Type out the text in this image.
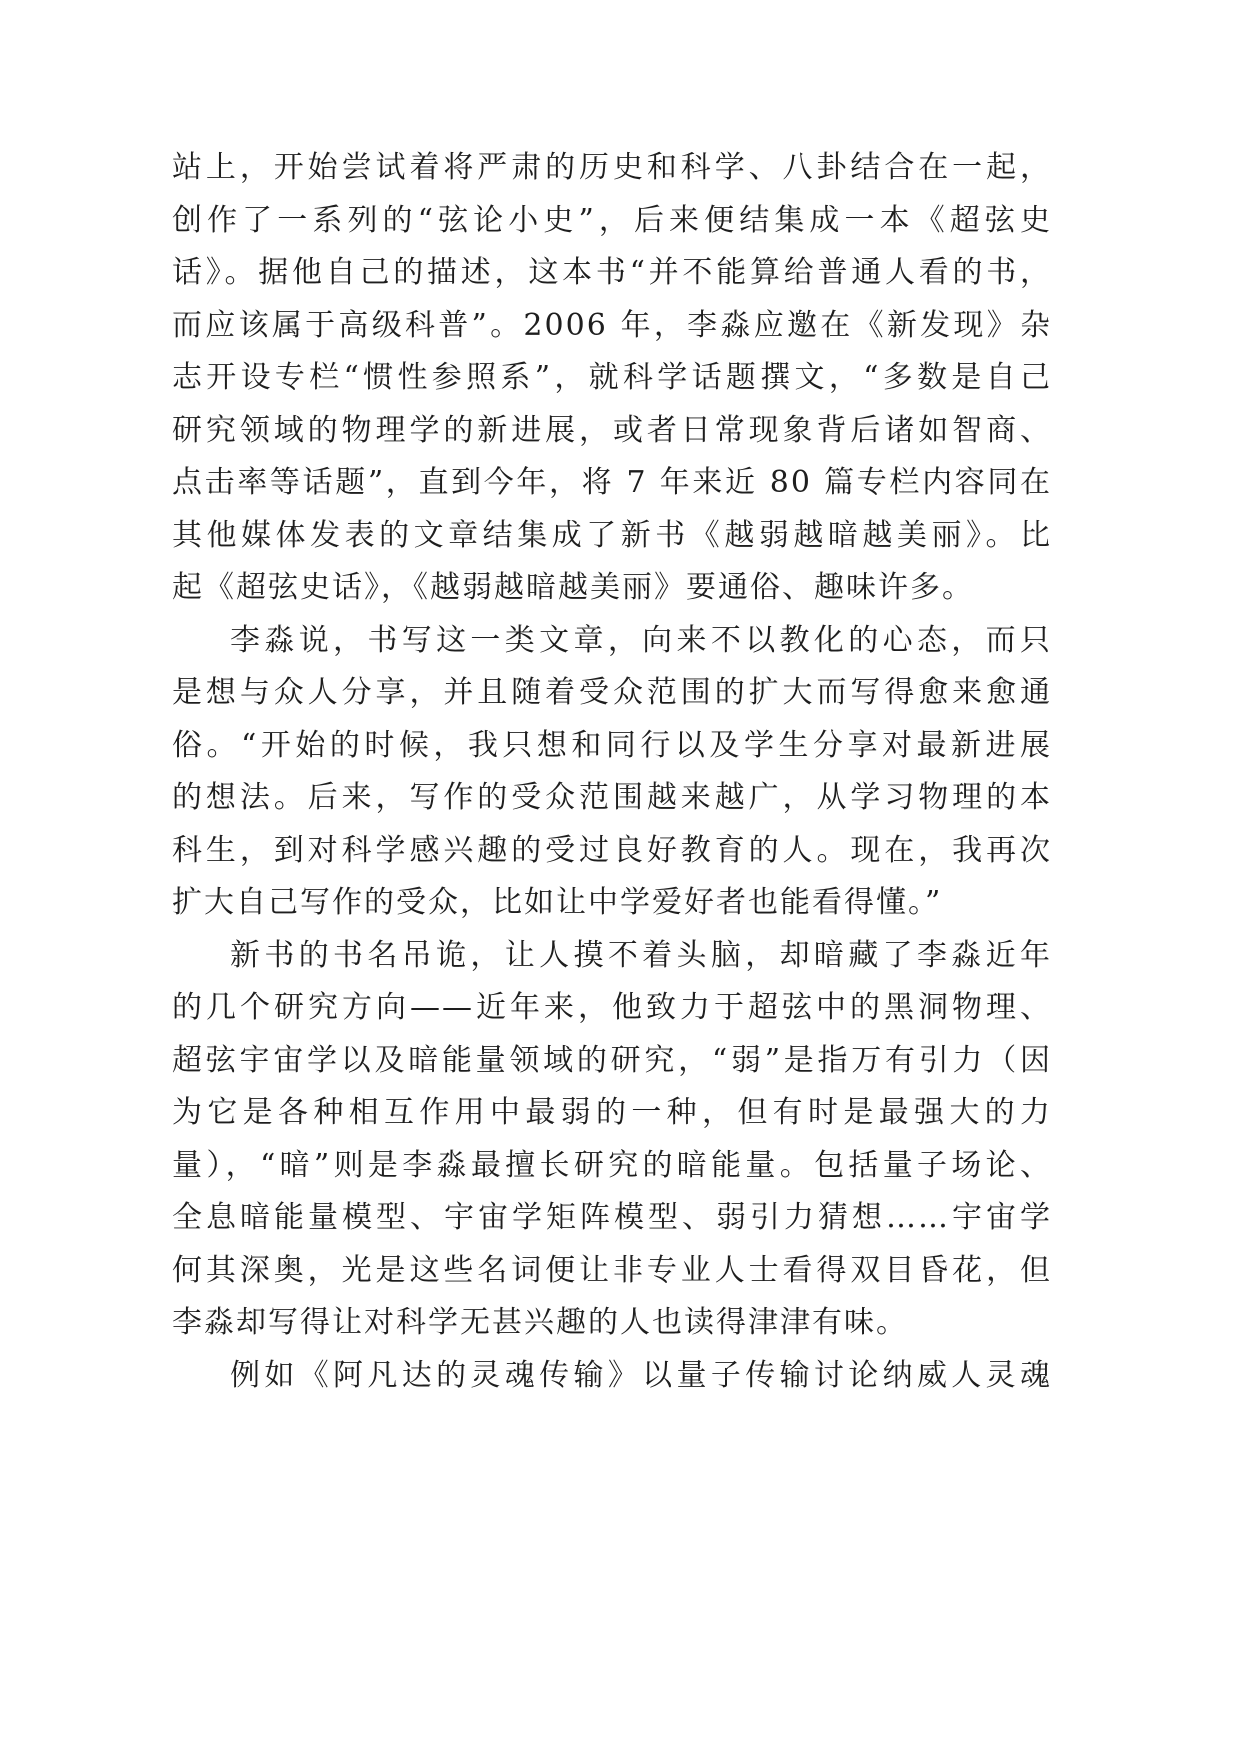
站上，开始尝试着将严肃的历史和科学、八卦结合在一起，
创作了一系列的“弦论小史”，后来便结集成一本《超弦史
话》。据他自己的描述，这本书“并不能算给普通人看的书，
而应该属于高级科普”。2006 年，李淼应邀在《新发现》杂
志开设专栏“惯性参照系”，就科学话题撰文，“多数是自己
研究领域的物理学的新进展，或者日常现象背后诸如智商、
点击率等话题”，直到今年，将 7 年来近 80 篇专栏内容同在
其他媒体发表的文章结集成了新书《越弱越暗越美丽》。比
起《超弦史话》，《越弱越暗越美丽》要通俗、趣味许多。
李淼说，书写这一类文章，向来不以教化的心态，而只
是想与众人分享，并且随着受众范围的扩大而写得愈来愈通
俗。“开始的时候，我只想和同行以及学生分享对最新进展
的想法。后来，写作的受众范围越来越广，从学习物理的本
科生，到对科学感兴趣的受过良好教育的人。现在，我再次
扩大自己写作的受众，比如让中学爱好者也能看得懂。”
新书的书名吊诡，让人摸不着头脑，却暗藏了李淼近年
的几个研究方向——近年来，他致力于超弦中的黑洞物理、
超弦宇宙学以及暗能量领域的研究，“弱”是指万有引力（因
为它是各种相互作用中最弱的一种，但有时是最强大的力
量），“暗”则是李淼最擅长研究的暗能量。包括量子场论、
全息暗能量模型、宇宙学矩阵模型、弱引力猜想……宇宙学
何其深奥，光是这些名词便让非专业人士看得双目昏花，但
李淼却写得让对科学无甚兴趣的人也读得津津有味。
例如《阿凡达的灵魂传输》以量子传输讨论纳威人灵魂
